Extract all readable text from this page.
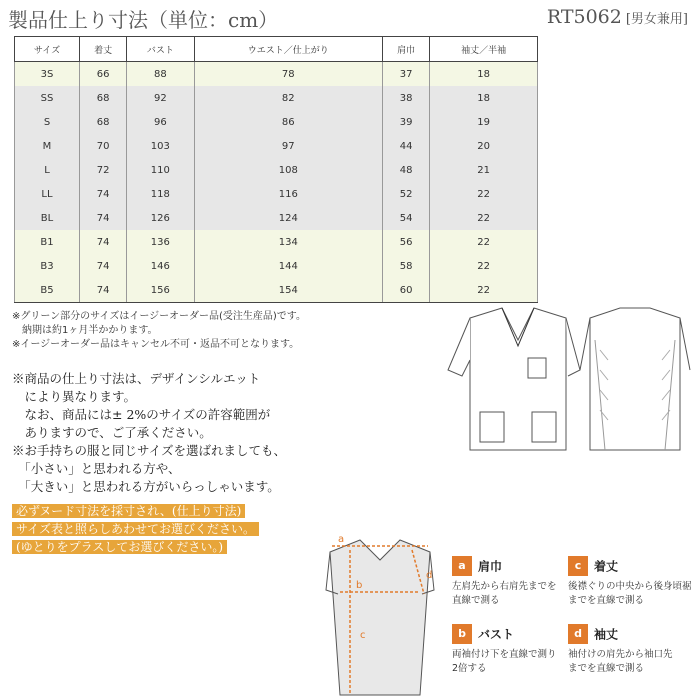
製品仕上り寸法（単位：cm）	RT5062 [男女兼用]
サイズ	着丈	バスト	ウエスト／仕上がり	肩巾	袖丈／半袖
3S	66	88	78	37	18
SS	68	92	82	38	18
S	68	96	86	39	19
M	70	103	97	44	20
L	72	110	108	48	21
LL	74	118	116	52	22
BL	74	126	124	54	22
B1	74	136	134	56	22
B3	74	146	144	58	22
B5	74	156	154	60	22
※グリーン部分のサイズはイージーオーダー品(受注生産品)です。
　納期は約1ヶ月半かかります。
※イージーオーダー品はキャンセル不可・返品不可となります。
※商品の仕上り寸法は、デザインシルエット
　により異なります。
　なお、商品には± 2%のサイズの許容範囲が
　ありますので、ご了承ください。
※お手持ちの服と同じサイズを選ばれましても、
　「小さい」と思われる方や、
　「大きい」と思われる方がいらっしゃいます。
必ずヌード寸法を採寸され、(仕上り寸法)
サイズ表と照らしあわせてお選びください。
(ゆとりをプラスしてお選びください。)
a
b
c
d
a 肩巾
左肩先から右肩先までを
直線で測る
c 着丈
後襟ぐりの中央から後身頃裾
までを直線で測る
b バスト
両袖付け下を直線で測り
2倍する
d 袖丈
袖付けの肩先から袖口先
までを直線で測る
